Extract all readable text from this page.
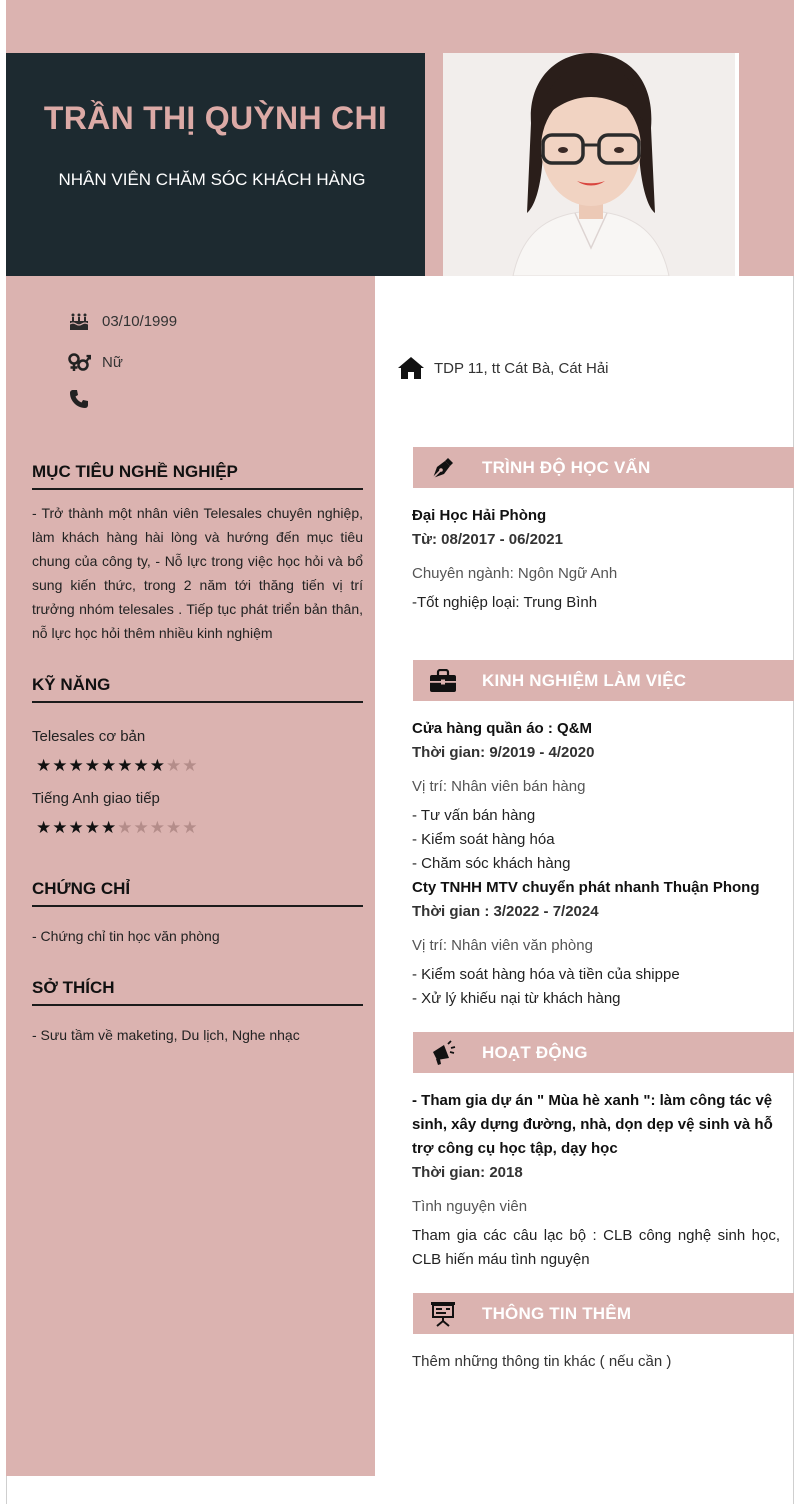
TRẦN THỊ QUỲNH CHI
NHÂN VIÊN CHĂM SÓC KHÁCH HÀNG
03/10/1999
Nữ	TDP 11, tt Cát Bà, Cát Hải
MỤC TIÊU NGHỀ NGHIỆP
- Trở thành một nhân viên Telesales chuyên nghiệp, làm khách hàng hài lòng và hướng đến mục tiêu chung của công ty, - Nỗ lực trong việc học hỏi và bổ sung kiến thức, trong 2 năm tới thăng tiến vị trí trưởng nhóm telesales . Tiếp tục phát triển bản thân, nỗ lực học hỏi thêm nhiều kinh nghiệm
KỸ NĂNG
Telesales cơ bản
★ ★ ★ ★ ★ ★ ★ ★ ★ ★
Tiếng Anh giao tiếp
★ ★ ★ ★ ★ ★ ★ ★ ★ ★
CHỨNG CHỈ
- Chứng chỉ tin học văn phòng
SỞ THÍCH
- Sưu tầm về maketing, Du lịch, Nghe nhạc
TRÌNH ĐỘ HỌC VẤN
Đại Học Hải Phòng
Từ: 08/2017 - 06/2021
Chuyên ngành: Ngôn Ngữ Anh
-Tốt nghiệp loại: Trung Bình
KINH NGHIỆM LÀM VIỆC
Cửa hàng quần áo : Q&M
Thời gian: 9/2019 - 4/2020
Vị trí: Nhân viên bán hàng
- Tư vấn bán hàng
- Kiểm soát hàng hóa
- Chăm sóc khách hàng
Cty TNHH MTV chuyển phát nhanh Thuận Phong
Thời gian : 3/2022 - 7/2024
Vị trí: Nhân viên văn phòng
- Kiểm soát hàng hóa và tiền của shippe
- Xử lý khiếu nại từ khách hàng
HOẠT ĐỘNG
- Tham gia dự án " Mùa hè xanh ": làm công tác vệ sinh, xây dựng đường, nhà, dọn dẹp vệ sinh và hỗ trợ công cụ học tập, dạy học
Thời gian: 2018
Tình nguyện viên
Tham gia các câu lạc bộ : CLB công nghệ sinh học, CLB hiến máu tình nguyện
THÔNG TIN THÊM
Thêm những thông tin khác ( nếu cần )
